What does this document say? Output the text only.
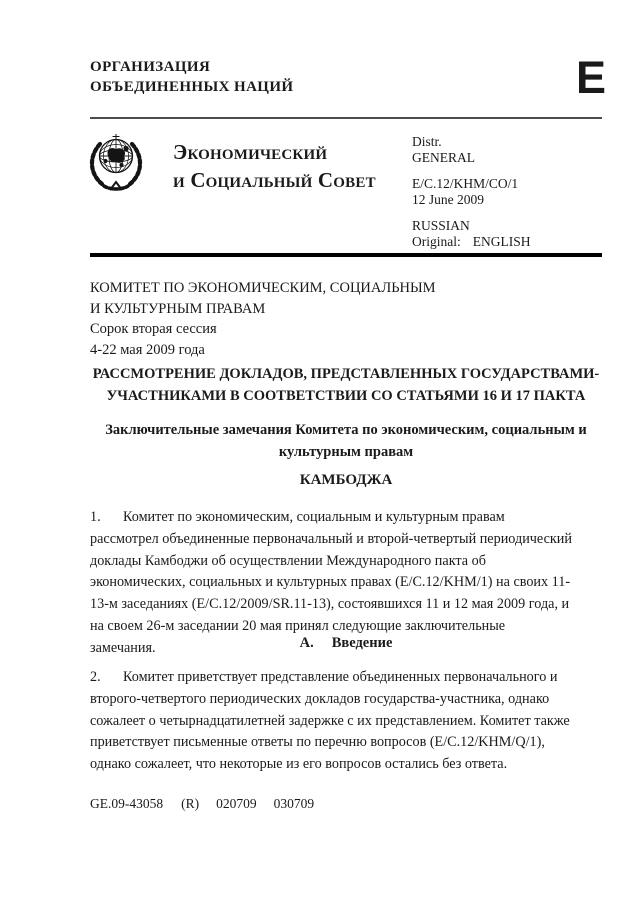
ОРГАНИЗАЦИЯ
ОБЪЕДИНЕННЫХ НАЦИЙ	E
Экономический
и Социальный Совет
Distr.
GENERAL
E/C.12/KHM/CO/1
12 June 2009
RUSSIAN
Original: ENGLISH
КОМИТЕТ ПО ЭКОНОМИЧЕСКИМ, СОЦИАЛЬНЫМ
И КУЛЬТУРНЫМ ПРАВАМ
Сорок вторая сессия
4-22 мая 2009 года
РАССМОТРЕНИЕ ДОКЛАДОВ, ПРЕДСТАВЛЕННЫХ ГОСУДАРСТВАМИ-
УЧАСТНИКАМИ В СООТВЕТСТВИИ СО СТАТЬЯМИ 16 И 17 ПАКТА
Заключительные замечания Комитета по экономическим, социальным и
культурным правам
КАМБОДЖА
1. Комитет по экономическим, социальным и культурным правам рассмотрел объединенные первоначальный и второй-четвертый периодический доклады Камбоджи об осуществлении Международного пакта об экономических, социальных и культурных правах (E/C.12/KHM/1) на своих 11-13-м заседаниях (E/C.12/2009/SR.11-13), состоявшихся 11 и 12 мая 2009 года, и на своем 26-м заседании 20 мая принял следующие заключительные замечания.	А. Введение
2. Комитет приветствует представление объединенных первоначального и второго-четвертого периодических докладов государства-участника, однако сожалеет о четырнадцатилетней задержке с их представлением. Комитет также приветствует письменные ответы по перечню вопросов (E/C.12/KHM/Q/1), однако сожалеет, что некоторые из его вопросов остались без ответа.
GE.09-43058 (R) 020709 030709
